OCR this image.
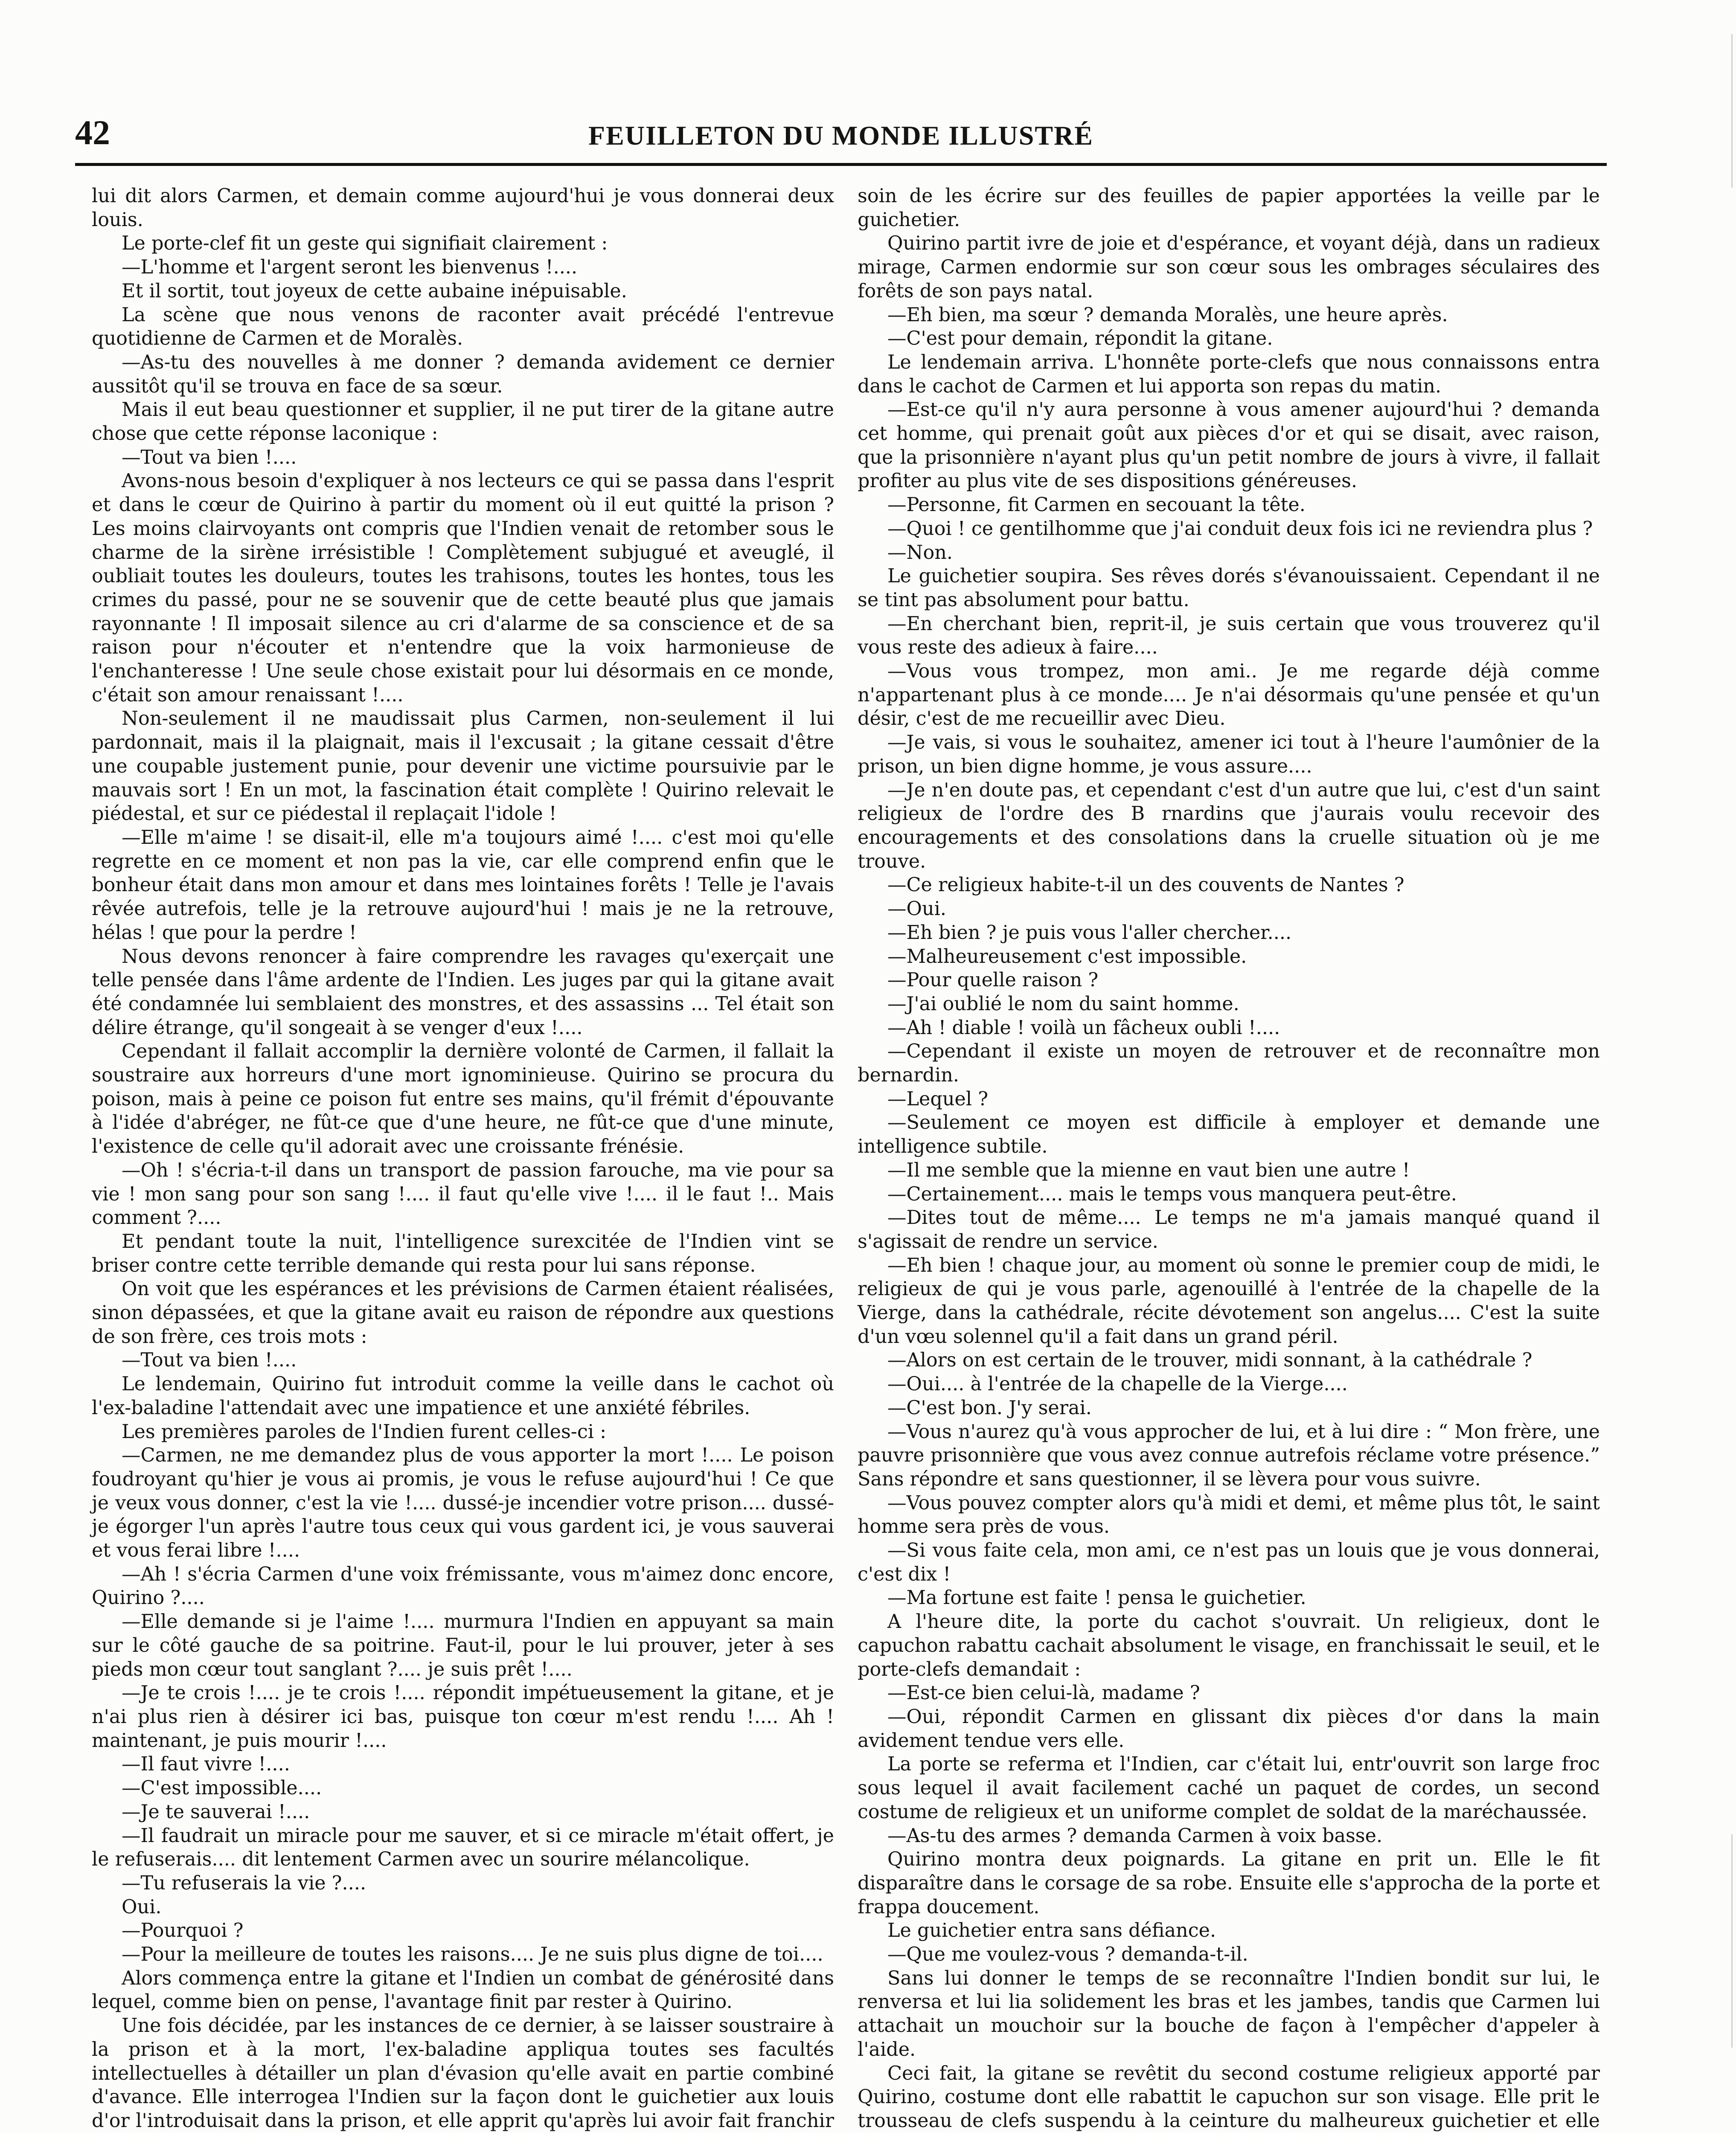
42	FEUILLETON DU MONDE ILLUSTRÉ

lui dit alors Carmen, et demain comme aujourd'hui je vous donnerai deux louis.

Le porte-clef fit un geste qui signifiait clairement :

—L'homme et l'argent seront les bienvenus !....

Et il sortit, tout joyeux de cette aubaine inépuisable.

La scène que nous venons de raconter avait précédé l'entrevue quotidienne de Carmen et de Moralès.

—As-tu des nouvelles à me donner ? demanda avidement ce dernier aussitôt qu'il se trouva en face de sa sœur.

Mais il eut beau questionner et supplier, il ne put tirer de la gitane autre chose que cette réponse laconique :

—Tout va bien !....

Avons-nous besoin d'expliquer à nos lecteurs ce qui se passa dans l'esprit et dans le cœur de Quirino à partir du moment où il eut quitté la prison ? Les moins clairvoyants ont compris que l'Indien venait de retomber sous le charme de la sirène irrésistible ! Complètement subjugué et aveuglé, il oubliait toutes les douleurs, toutes les trahisons, toutes les hontes, tous les crimes du passé, pour ne se souvenir que de cette beauté plus que jamais rayonnante ! Il imposait silence au cri d'alarme de sa conscience et de sa raison pour n'écouter et n'entendre que la voix harmonieuse de l'enchanteresse ! Une seule chose existait pour lui désormais en ce monde, c'était son amour renaissant !....

Non-seulement il ne maudissait plus Carmen, non-seulement il lui pardonnait, mais il la plaignait, mais il l'excusait ; la gitane cessait d'être une coupable justement punie, pour devenir une victime poursuivie par le mauvais sort ! En un mot, la fascination était complète ! Quirino relevait le piédestal, et sur ce piédestal il replaçait l'idole !

—Elle m'aime ! se disait-il, elle m'a toujours aimé !.... c'est moi qu'elle regrette en ce moment et non pas la vie, car elle comprend enfin que le bonheur était dans mon amour et dans mes lointaines forêts ! Telle je l'avais rêvée autrefois, telle je la retrouve aujourd'hui ! mais je ne la retrouve, hélas ! que pour la perdre !

Nous devons renoncer à faire comprendre les ravages qu'exerçait une telle pensée dans l'âme ardente de l'Indien. Les juges par qui la gitane avait été condamnée lui semblaient des monstres, et des assassins ... Tel était son délire étrange, qu'il songeait à se venger d'eux !....

Cependant il fallait accomplir la dernière volonté de Carmen, il fallait la soustraire aux horreurs d'une mort ignominieuse. Quirino se procura du poison, mais à peine ce poison fut entre ses mains, qu'il frémit d'épouvante à l'idée d'abréger, ne fût-ce que d'une heure, ne fût-ce que d'une minute, l'existence de celle qu'il adorait avec une croissante frénésie.

—Oh ! s'écria-t-il dans un transport de passion farouche, ma vie pour sa vie ! mon sang pour son sang !.... il faut qu'elle vive !.... il le faut !.. Mais comment ?....

Et pendant toute la nuit, l'intelligence surexcitée de l'Indien vint se briser contre cette terrible demande qui resta pour lui sans réponse.

On voit que les espérances et les prévisions de Carmen étaient réalisées, sinon dépassées, et que la gitane avait eu raison de répondre aux questions de son frère, ces trois mots :

—Tout va bien !....

Le lendemain, Quirino fut introduit comme la veille dans le cachot où l'ex-baladine l'attendait avec une impatience et une anxiété fébriles.

Les premières paroles de l'Indien furent celles-ci :

—Carmen, ne me demandez plus de vous apporter la mort !.... Le poison foudroyant qu'hier je vous ai promis, je vous le refuse aujourd'hui ! Ce que je veux vous donner, c'est la vie !.... dussé-je incendier votre prison.... dussé-je égorger l'un après l'autre tous ceux qui vous gardent ici, je vous sauverai et vous ferai libre !....

—Ah ! s'écria Carmen d'une voix frémissante, vous m'aimez donc encore, Quirino ?....

—Elle demande si je l'aime !.... murmura l'Indien en appuyant sa main sur le côté gauche de sa poitrine. Faut-il, pour le lui prouver, jeter à ses pieds mon cœur tout sanglant ?.... je suis prêt !....

—Je te crois !.... je te crois !.... répondit impétueusement la gitane, et je n'ai plus rien à désirer ici bas, puisque ton cœur m'est rendu !.... Ah ! maintenant, je puis mourir !....

—Il faut vivre !....

—C'est impossible....

—Je te sauverai !....

—Il faudrait un miracle pour me sauver, et si ce miracle m'était offert, je le refuserais.... dit lentement Carmen avec un sourire mélancolique.

—Tu refuserais la vie ?....

Oui.

—Pourquoi ?

—Pour la meilleure de toutes les raisons.... Je ne suis plus digne de toi....

Alors commença entre la gitane et l'Indien un combat de générosité dans lequel, comme bien on pense, l'avantage finit par rester à Quirino.

Une fois décidée, par les instances de ce dernier, à se laisser soustraire à la prison et à la mort, l'ex-baladine appliqua toutes ses facultés intellectuelles à détailler un plan d'évasion qu'elle avait en partie combiné d'avance. Elle interrogea l'Indien sur la façon dont le guichetier aux louis d'or l'introduisait dans la prison, et elle apprit qu'après lui avoir fait franchir

soin de les écrire sur des feuilles de papier apportées la veille par le guichetier.

Quirino partit ivre de joie et d'espérance, et voyant déjà, dans un radieux mirage, Carmen endormie sur son cœur sous les ombrages séculaires des forêts de son pays natal.

—Eh bien, ma sœur ? demanda Moralès, une heure après.

—C'est pour demain, répondit la gitane.

Le lendemain arriva. L'honnête porte-clefs que nous connaissons entra dans le cachot de Carmen et lui apporta son repas du matin.

—Est-ce qu'il n'y aura personne à vous amener aujourd'hui ? demanda cet homme, qui prenait goût aux pièces d'or et qui se disait, avec raison, que la prisonnière n'ayant plus qu'un petit nombre de jours à vivre, il fallait profiter au plus vite de ses dispositions généreuses.

—Personne, fit Carmen en secouant la tête.

—Quoi ! ce gentilhomme que j'ai conduit deux fois ici ne reviendra plus ?

—Non.

Le guichetier soupira. Ses rêves dorés s'évanouissaient. Cependant il ne se tint pas absolument pour battu.

—En cherchant bien, reprit-il, je suis certain que vous trouverez qu'il vous reste des adieux à faire....

—Vous vous trompez, mon ami.. Je me regarde déjà comme n'appartenant plus à ce monde.... Je n'ai désormais qu'une pensée et qu'un désir, c'est de me recueillir avec Dieu.

—Je vais, si vous le souhaitez, amener ici tout à l'heure l'aumônier de la prison, un bien digne homme, je vous assure....

—Je n'en doute pas, et cependant c'est d'un autre que lui, c'est d'un saint religieux de l'ordre des B rnardins que j'aurais voulu recevoir des encouragements et des consolations dans la cruelle situation où je me trouve.

—Ce religieux habite-t-il un des couvents de Nantes ?

—Oui.

—Eh bien ? je puis vous l'aller chercher....

—Malheureusement c'est impossible.

—Pour quelle raison ?

—J'ai oublié le nom du saint homme.

—Ah ! diable ! voilà un fâcheux oubli !....

—Cependant il existe un moyen de retrouver et de reconnaître mon bernardin.

—Lequel ?

—Seulement ce moyen est difficile à employer et demande une intelligence subtile.

—Il me semble que la mienne en vaut bien une autre !

—Certainement.... mais le temps vous manquera peut-être.

—Dites tout de même.... Le temps ne m'a jamais manqué quand il s'agissait de rendre un service.

—Eh bien ! chaque jour, au moment où sonne le premier coup de midi, le religieux de qui je vous parle, agenouillé à l'entrée de la chapelle de la Vierge, dans la cathédrale, récite dévotement son angelus.... C'est la suite d'un vœu solennel qu'il a fait dans un grand péril.

—Alors on est certain de le trouver, midi sonnant, à la cathédrale ?

—Oui.... à l'entrée de la chapelle de la Vierge....

—C'est bon. J'y serai.

—Vous n'aurez qu'à vous approcher de lui, et à lui dire : “ Mon frère, une pauvre prisonnière que vous avez connue autrefois réclame votre présence.” Sans répondre et sans questionner, il se lèvera pour vous suivre.

—Vous pouvez compter alors qu'à midi et demi, et même plus tôt, le saint homme sera près de vous.

—Si vous faite cela, mon ami, ce n'est pas un louis que je vous donnerai, c'est dix !

—Ma fortune est faite ! pensa le guichetier.

A l'heure dite, la porte du cachot s'ouvrait. Un religieux, dont le capuchon rabattu cachait absolument le visage, en franchissait le seuil, et le porte-clefs demandait :

—Est-ce bien celui-là, madame ?

—Oui, répondit Carmen en glissant dix pièces d'or dans la main avidement tendue vers elle.

La porte se referma et l'Indien, car c'était lui, entr'ouvrit son large froc sous lequel il avait facilement caché un paquet de cordes, un second costume de religieux et un uniforme complet de soldat de la maréchaussée.

—As-tu des armes ? demanda Carmen à voix basse.

Quirino montra deux poignards. La gitane en prit un. Elle le fit disparaître dans le corsage de sa robe. Ensuite elle s'approcha de la porte et frappa doucement.

Le guichetier entra sans défiance.

—Que me voulez-vous ? demanda-t-il.

Sans lui donner le temps de se reconnaître l'Indien bondit sur lui, le renversa et lui lia solidement les bras et les jambes, tandis que Carmen lui attachait un mouchoir sur la bouche de façon à l'empêcher d'appeler à l'aide.

Ceci fait, la gitane se revêtit du second costume religieux apporté par Quirino, costume dont elle rabattit le capuchon sur son visage. Elle prit le trousseau de clefs suspendu à la ceinture du malheureux guichetier et elle
